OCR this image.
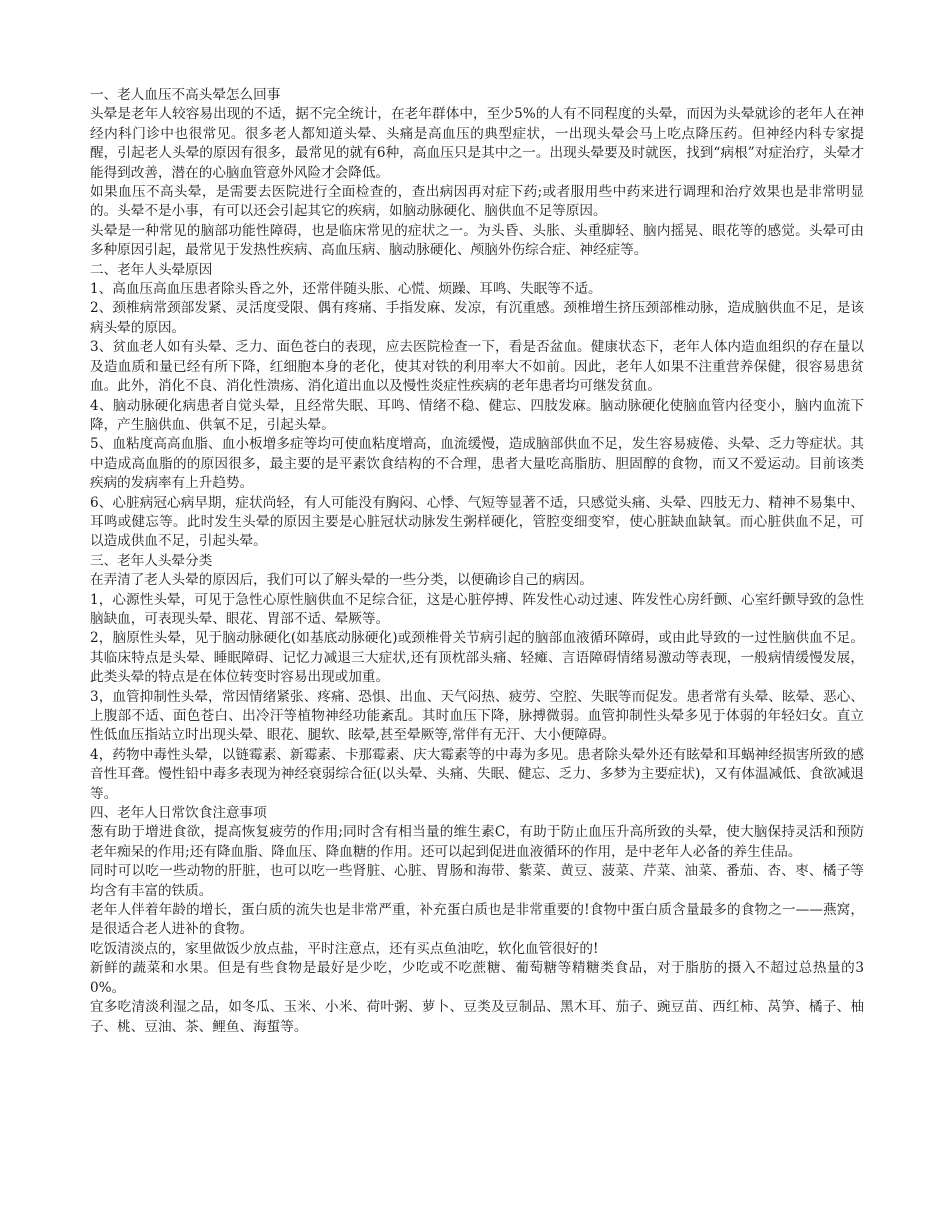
一、老人血压不高头晕怎么回事

头晕是老年人较容易出现的不适，据不完全统计，在老年群体中，至少5%的人有不同程度的头晕，而因为头晕就诊的老年人在神经内科门诊中也很常见。很多老人都知道头晕、头痛是高血压的典型症状，一出现头晕会马上吃点降压药。但神经内科专家提醒，引起老人头晕的原因有很多，最常见的就有6种，高血压只是其中之一。出现头晕要及时就医，找到“病根”对症治疗，头晕才能得到改善，潜在的心脑血管意外风险才会降低。

如果血压不高头晕，是需要去医院进行全面检查的，查出病因再对症下药;或者服用些中药来进行调理和治疗效果也是非常明显的。头晕不是小事，有可以还会引起其它的疾病，如脑动脉硬化、脑供血不足等原因。

头晕是一种常见的脑部功能性障碍，也是临床常见的症状之一。为头昏、头胀、头重脚轻、脑内摇晃、眼花等的感觉。头晕可由多种原因引起，最常见于发热性疾病、高血压病、脑动脉硬化、颅脑外伤综合症、神经症等。

二、老年人头晕原因

1、高血压高血压患者除头昏之外，还常伴随头胀、心慌、烦躁、耳鸣、失眠等不适。

2、颈椎病常颈部发紧、灵活度受限、偶有疼痛、手指发麻、发凉，有沉重感。颈椎增生挤压颈部椎动脉，造成脑供血不足，是该病头晕的原因。

3、贫血老人如有头晕、乏力、面色苍白的表现，应去医院检查一下，看是否盆血。健康状态下，老年人体内造血组织的存在量以及造血质和量已经有所下降，红细胞本身的老化，使其对铁的利用率大不如前。因此，老年人如果不注重营养保健，很容易患贫血。此外，消化不良、消化性溃疡、消化道出血以及慢性炎症性疾病的老年患者均可继发贫血。

4、脑动脉硬化病患者自觉头晕，且经常失眠、耳鸣、情绪不稳、健忘、四肢发麻。脑动脉硬化使脑血管内径变小，脑内血流下降，产生脑供血、供氧不足，引起头晕。

5、血粘度高高血脂、血小板增多症等均可使血粘度增高，血流缓慢，造成脑部供血不足，发生容易疲倦、头晕、乏力等症状。其中造成高血脂的的原因很多，最主要的是平素饮食结构的不合理，患者大量吃高脂肪、胆固醇的食物，而又不爱运动。目前该类疾病的发病率有上升趋势。

6、心脏病冠心病早期，症状尚轻，有人可能没有胸闷、心悸、气短等显著不适，只感觉头痛、头晕、四肢无力、精神不易集中、耳鸣或健忘等。此时发生头晕的原因主要是心脏冠状动脉发生粥样硬化，管腔变细变窄，使心脏缺血缺氧。而心脏供血不足，可以造成供血不足，引起头晕。

三、老年人头晕分类

在弄清了老人头晕的原因后，我们可以了解头晕的一些分类，以便确诊自己的病因。

1，心源性头晕，可见于急性心原性脑供血不足综合征，这是心脏停搏、阵发性心动过速、阵发性心房纤颤、心室纤颤导致的急性脑缺血，可表现头晕、眼花、胃部不适、晕厥等。

2，脑原性头晕，见于脑动脉硬化(如基底动脉硬化)或颈椎骨关节病引起的脑部血液循环障碍，或由此导致的一过性脑供血不足。其临床特点是头晕、睡眠障碍、记忆力减退三大症状,还有顶枕部头痛、轻瘫、言语障碍情绪易激动等表现，一般病情缓慢发展，此类头晕的特点是在体位转变时容易出现或加重。

3，血管抑制性头晕，常因情绪紧张、疼痛、恐惧、出血、天气闷热、疲劳、空腔、失眠等而促发。患者常有头晕、眩晕、恶心、上腹部不适、面色苍白、出冷汗等植物神经功能紊乱。其时血压下降，脉搏微弱。血管抑制性头晕多见于体弱的年轻妇女。直立性低血压指站立时出现头晕、眼花、腿软、眩晕,甚至晕厥等,常伴有无汗、大小便障碍。

4，药物中毒性头晕，以链霉素、新霉素、卡那霉素、庆大霉素等的中毒为多见。患者除头晕外还有眩晕和耳蜗神经损害所致的感音性耳聋。慢性铅中毒多表现为神经衰弱综合征(以头晕、头痛、失眠、健忘、乏力、多梦为主要症状)，又有体温减低、食欲减退等。

四、老年人日常饮食注意事项

葱有助于增进食欲，提高恢复疲劳的作用;同时含有相当量的维生素C，有助于防止血压升高所致的头晕，使大脑保持灵活和预防老年痴呆的作用;还有降血脂、降血压、降血糖的作用。还可以起到促进血液循环的作用，是中老年人必备的养生佳品。

同时可以吃一些动物的肝脏，也可以吃一些肾脏、心脏、胃肠和海带、紫菜、黄豆、菠菜、芹菜、油菜、番茄、杏、枣、橘子等均含有丰富的铁质。

老年人伴着年龄的增长，蛋白质的流失也是非常严重，补充蛋白质也是非常重要的!食物中蛋白质含量最多的食物之一——燕窝，是很适合老人进补的食物。

吃饭清淡点的，家里做饭少放点盐，平时注意点，还有买点鱼油吃，软化血管很好的!

新鲜的蔬菜和水果。但是有些食物是最好是少吃，少吃或不吃蔗糖、葡萄糖等精糖类食品，对于脂肪的摄入不超过总热量的30%。

宜多吃清淡利湿之品，如冬瓜、玉米、小米、荷叶粥、萝卜、豆类及豆制品、黑木耳、茄子、豌豆苗、西红柿、莴笋、橘子、柚子、桃、豆油、茶、鲤鱼、海蜇等。
